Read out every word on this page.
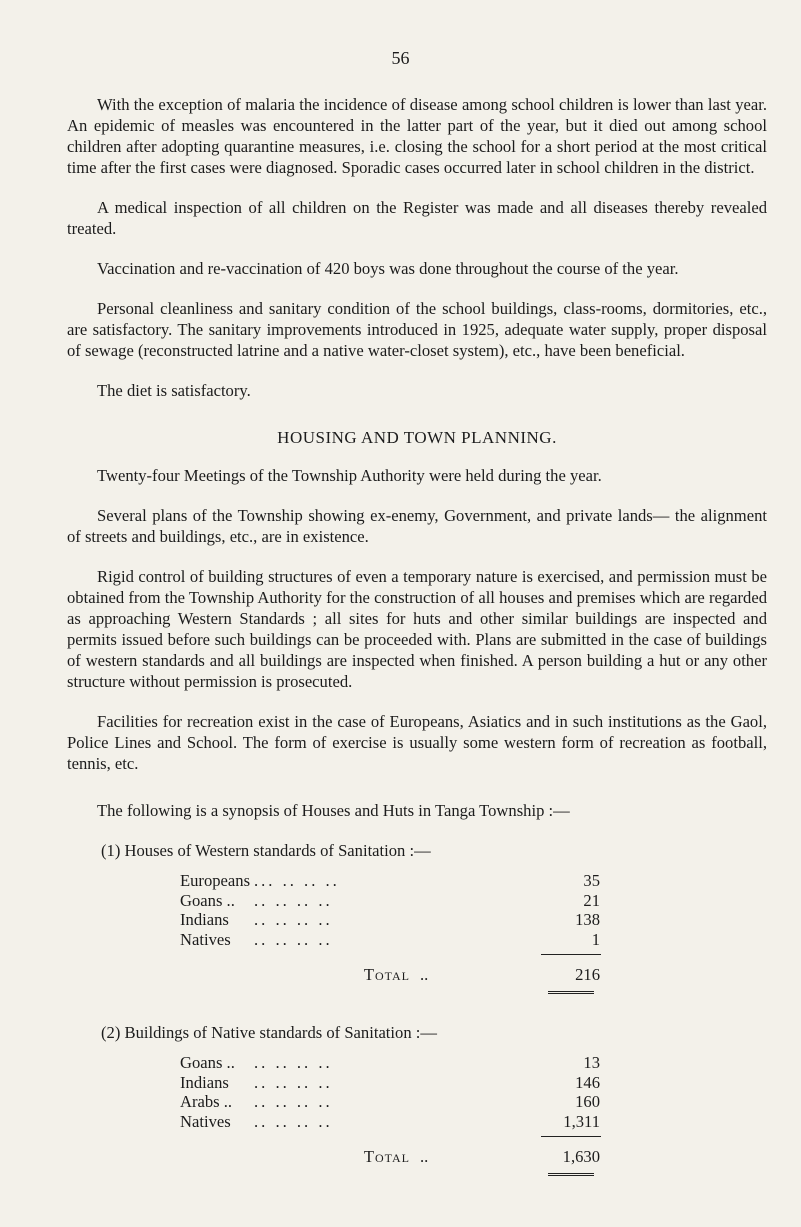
56

With the exception of malaria the incidence of disease among school children is lower than last year. An epidemic of measles was encountered in the latter part of the year, but it died out among school children after adopting quarantine measures, i.e. closing the school for a short period at the most critical time after the first cases were diagnosed. Sporadic cases occurred later in school children in the district.

A medical inspection of all children on the Register was made and all diseases thereby revealed treated.

Vaccination and re-vaccination of 420 boys was done throughout the course of the year.

Personal cleanliness and sanitary condition of the school buildings, class-rooms, dormitories, etc., are satisfactory. The sanitary improvements introduced in 1925, adequate water supply, proper disposal of sewage (reconstructed latrine and a native water-closet system), etc., have been beneficial.

The diet is satisfactory.

HOUSING AND TOWN PLANNING.

Twenty-four Meetings of the Township Authority were held during the year.

Several plans of the Township showing ex-enemy, Government, and private lands— the alignment of streets and buildings, etc., are in existence.

Rigid control of building structures of even a temporary nature is exercised, and permission must be obtained from the Township Authority for the construction of all houses and premises which are regarded as approaching Western Standards ; all sites for huts and other similar buildings are inspected and permits issued before such buildings can be proceeded with. Plans are submitted in the case of buildings of western standards and all buildings are inspected when finished. A person building a hut or any other structure without permission is prosecuted.

Facilities for recreation exist in the case of Europeans, Asiatics and in such institutions as the Gaol, Police Lines and School. The form of exercise is usually some western form of recreation as football, tennis, etc.

The following is a synopsis of Houses and Huts in Tanga Township :—

(1) Houses of Western standards of Sanitation :—
Europeans ... .. .. ..	35
Goans ..	.. .. .. ..	21
Indians	.. .. .. ..	138
Natives	.. .. .. ..	1
Total ..	216
(2) Buildings of Native standards of Sanitation :—
Goans ..	.. .. .. ..	13
Indians	.. .. .. ..	146
Arabs ..	.. .. .. ..	160
Natives	.. .. .. ..	1,311
Total ..	1,630
